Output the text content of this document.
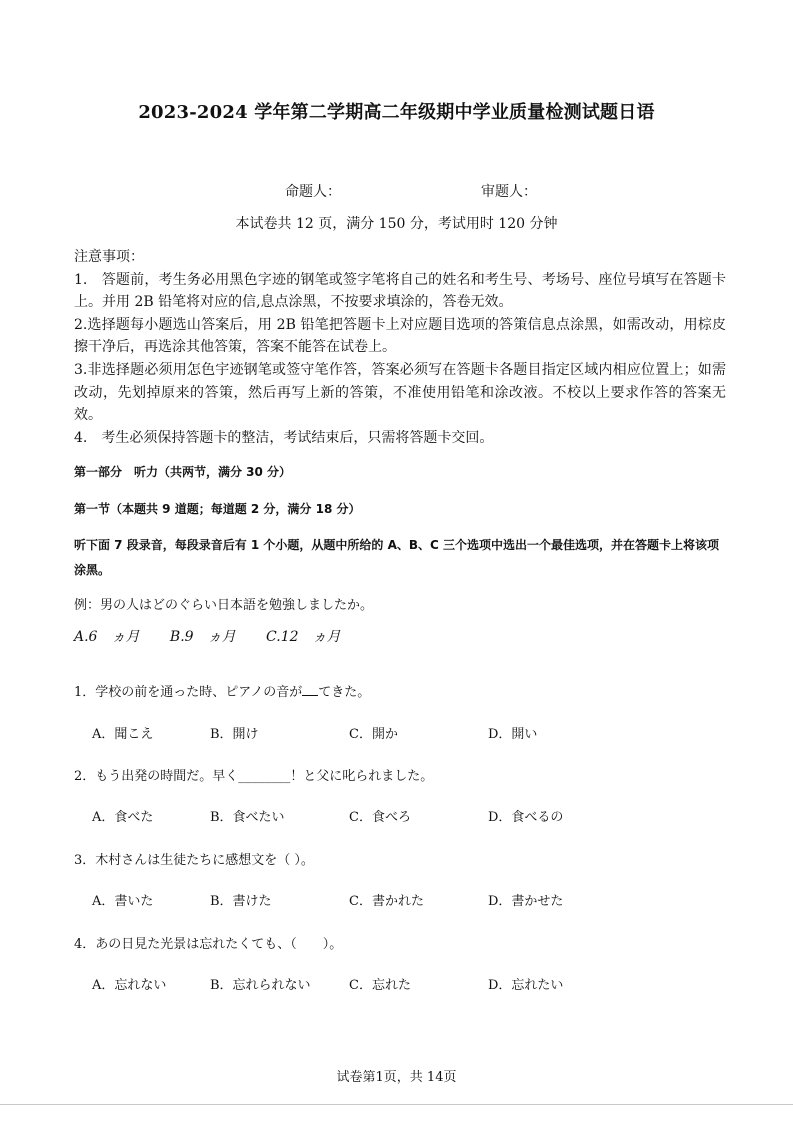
2023-2024 学年第二学期高二年级期中学业质量检测试题日语
命题人：	审题人：
本试卷共 12 页，满分 150 分，考试用时 120 分钟

注意事项：

1.　答题前，考生务必用黑色字迹的钢笔或签字笔将自己的姓名和考生号、考场号、座位号填写在答题卡上。并用 2B 铅笔将对应的信,息点涂黑，不按要求填涂的，答卷无效。

2.选择题每小题选山答案后，用 2B 铅笔把答题卡上对应题目选项的答策信息点涂黑，如需改动，用棕皮擦干净后，再选涂其他答策，答案不能答在试卷上。

3.非选择题必须用怎色宇迹钢笔或签守笔作答，答案必须写在答题卡各题目指定区域内相应位置上；如需改动，先划掉原来的答策，然后再写上新的答策，不准使用铅笔和涂改液。不校以上要求作答的答案无效。

4.　考生必须保持答题卡的整洁，考试结束后，只需将答题卡交回。

第一部分　听力（共两节，满分 30 分）
第一节（本题共 9 道题；每道题 2 分，满分 18 分）
听下面 7 段录音，每段录音后有 1 个小题，从题中所给的 A、B、C 三个选项中选出一个最佳选项，并在答题卡上将该项涂黑。
例：男の人はどのぐらい日本語を勉強しましたか。
A.6　ヵ月 B.9　ヵ月 C.12　ヵ月
1．学校の前を通った時、ピアノの音が てきた。
A．聞こえ	B．開け	C．開か	D．開い
2．もう出発の時間だ。早く________！と父に叱られました。
A．食べた	B．食べたい	C．食べろ	D．食べるの
3．木村さんは生徒たちに感想文を（ ）。
A．書いた	B．書けた	C．書かれた	D．書かせた
4．あの日見た光景は忘れたくても、（　　）。
A．忘れない	B．忘れられない	C．忘れた	D．忘れたい
试卷第1页，共 14页
